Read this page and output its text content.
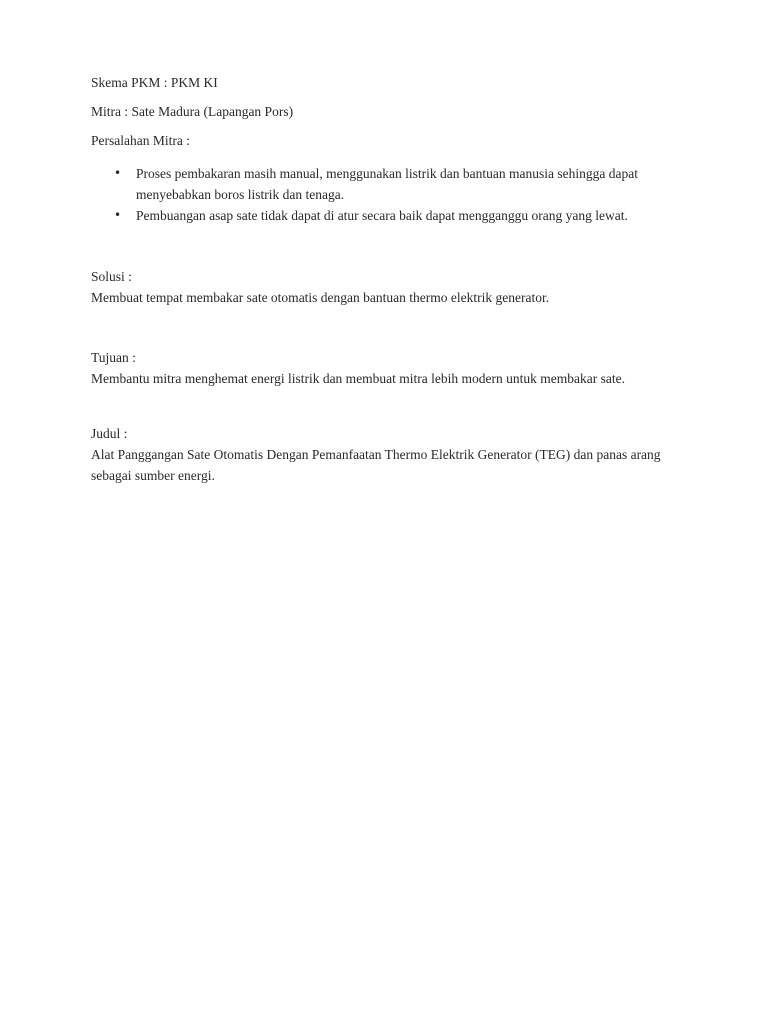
Skema PKM : PKM KI

Mitra : Sate Madura (Lapangan Pors)

Persalahan Mitra :

• Proses pembakaran masih manual, menggunakan listrik dan bantuan manusia sehingga dapat menyebabkan boros listrik dan tenaga.
• Pembuangan asap sate tidak dapat di atur secara baik dapat mengganggu orang yang lewat.

Solusi :

Membuat tempat membakar sate otomatis dengan bantuan thermo elektrik generator.

Tujuan :

Membantu mitra menghemat energi listrik dan membuat mitra lebih modern untuk membakar sate.

Judul :

Alat Panggangan Sate Otomatis Dengan Pemanfaatan Thermo Elektrik Generator (TEG) dan panas arang sebagai sumber energi.
